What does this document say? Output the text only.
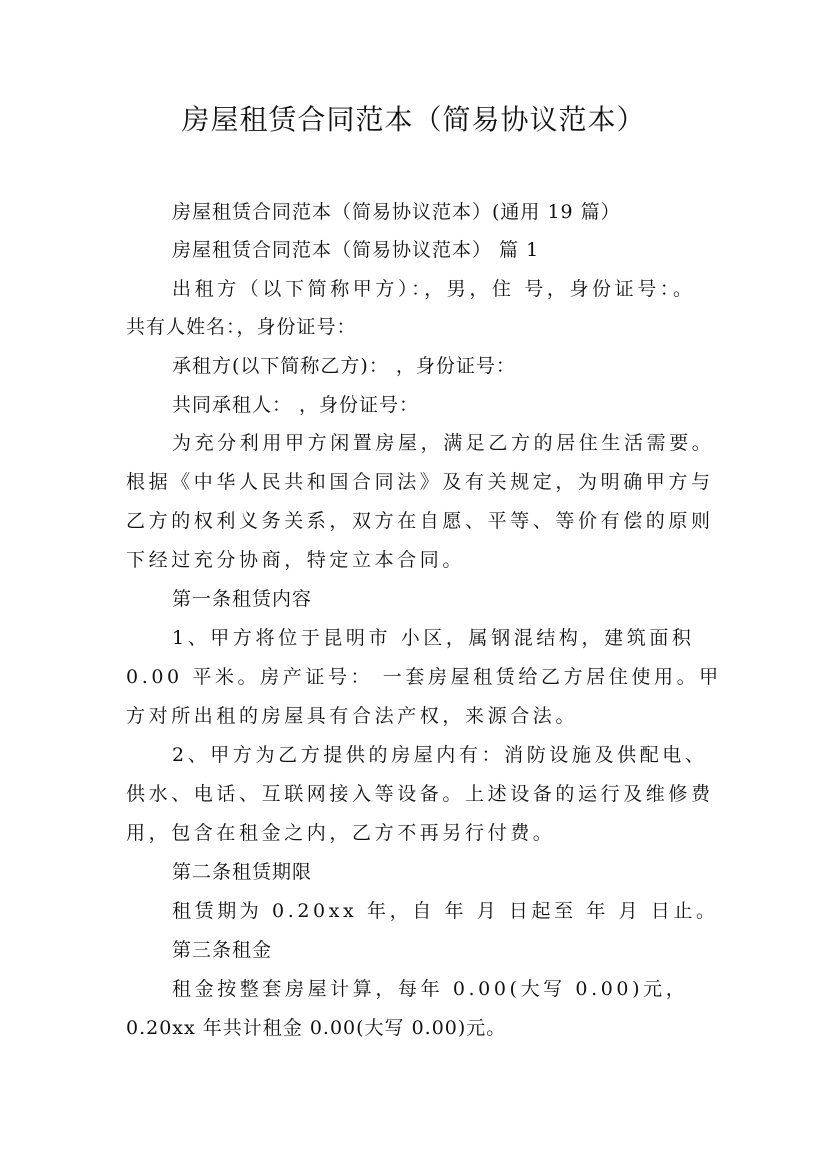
房屋租赁合同范本（简易协议范本）

房屋租赁合同范本（简易协议范本）(通用 19 篇）

房屋租赁合同范本（简易协议范本） 篇 1

出租方（以下简称甲方）：，男，住 号，身份证号：。

共有人姓名：，身份证号：

承租方(以下简称乙方)： ，身份证号：

共同承租人： ，身份证号：

为充分利用甲方闲置房屋，满足乙方的居住生活需要。

根据《中华人民共和国合同法》及有关规定，为明确甲方与

乙方的权利义务关系，双方在自愿、平等、等价有偿的原则

下经过充分协商，特定立本合同。

第一条租赁内容

1、甲方将位于昆明市 小区，属钢混结构，建筑面积

0.00 平米。房产证号： 一套房屋租赁给乙方居住使用。甲

方对所出租的房屋具有合法产权，来源合法。

2、甲方为乙方提供的房屋内有：消防设施及供配电、

供水、电话、互联网接入等设备。上述设备的运行及维修费

用，包含在租金之内，乙方不再另行付费。

第二条租赁期限

租赁期为 0.20xx 年，自 年 月 日起至 年 月 日止。

第三条租金

租金按整套房屋计算，每年 0.00(大写 0.00)元，

0.20xx 年共计租金 0.00(大写 0.00)元。
